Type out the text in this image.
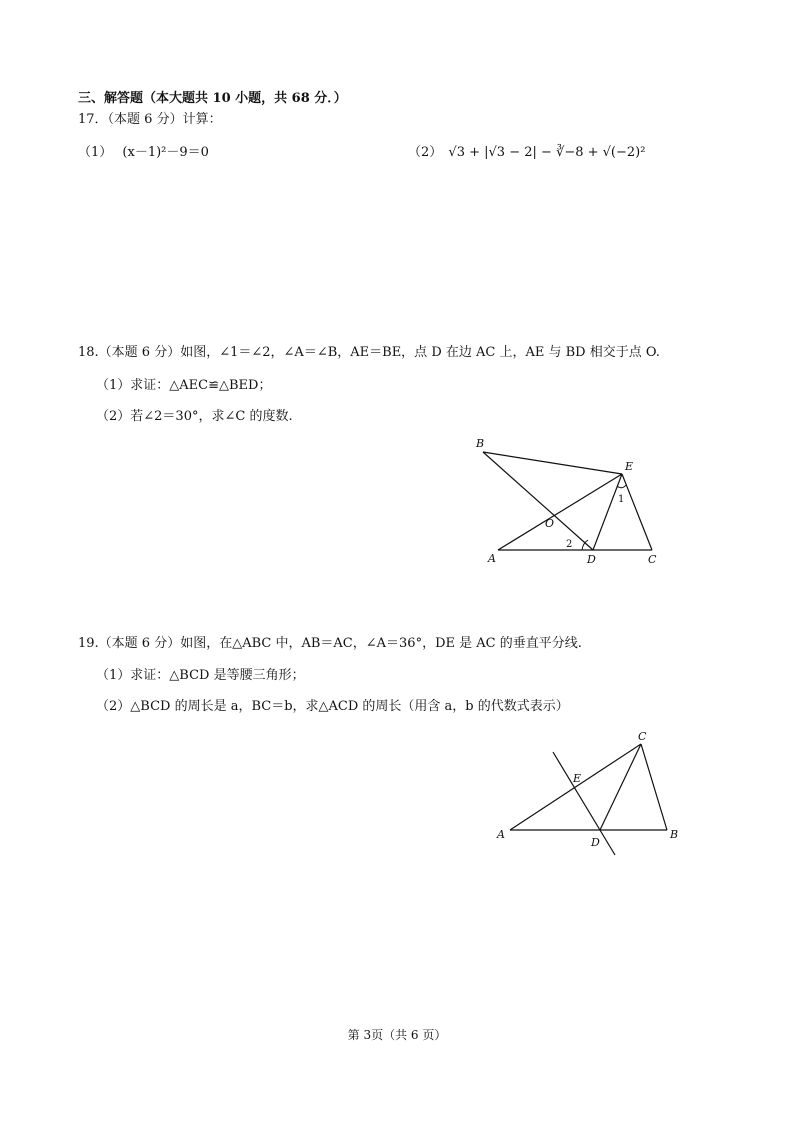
三、解答题（本大题共 10 小题，共 68 分．）
17．（本题 6 分）计算：
（1） (x－1)²－9＝0	（2） √3 + |√3 − 2| − ∛−8 + √(−2)²
18.（本题 6 分）如图，∠1＝∠2，∠A＝∠B，AE＝BE，点 D 在边 AC 上，AE 与 BD 相交于点 O.
（1）求证：△AEC≌△BED；
（2）若∠2＝30°，求∠C 的度数.
B
E
O
A	D	C
1
2
19.（本题 6 分）如图，在△ABC 中，AB＝AC，∠A＝36°，DE 是 AC 的垂直平分线.
（1）求证：△BCD 是等腰三角形；
（2）△BCD 的周长是 a，BC＝b，求△ACD 的周长（用含 a，b 的代数式表示）
C
E
A
D
B
第 3页（共 6 页）
